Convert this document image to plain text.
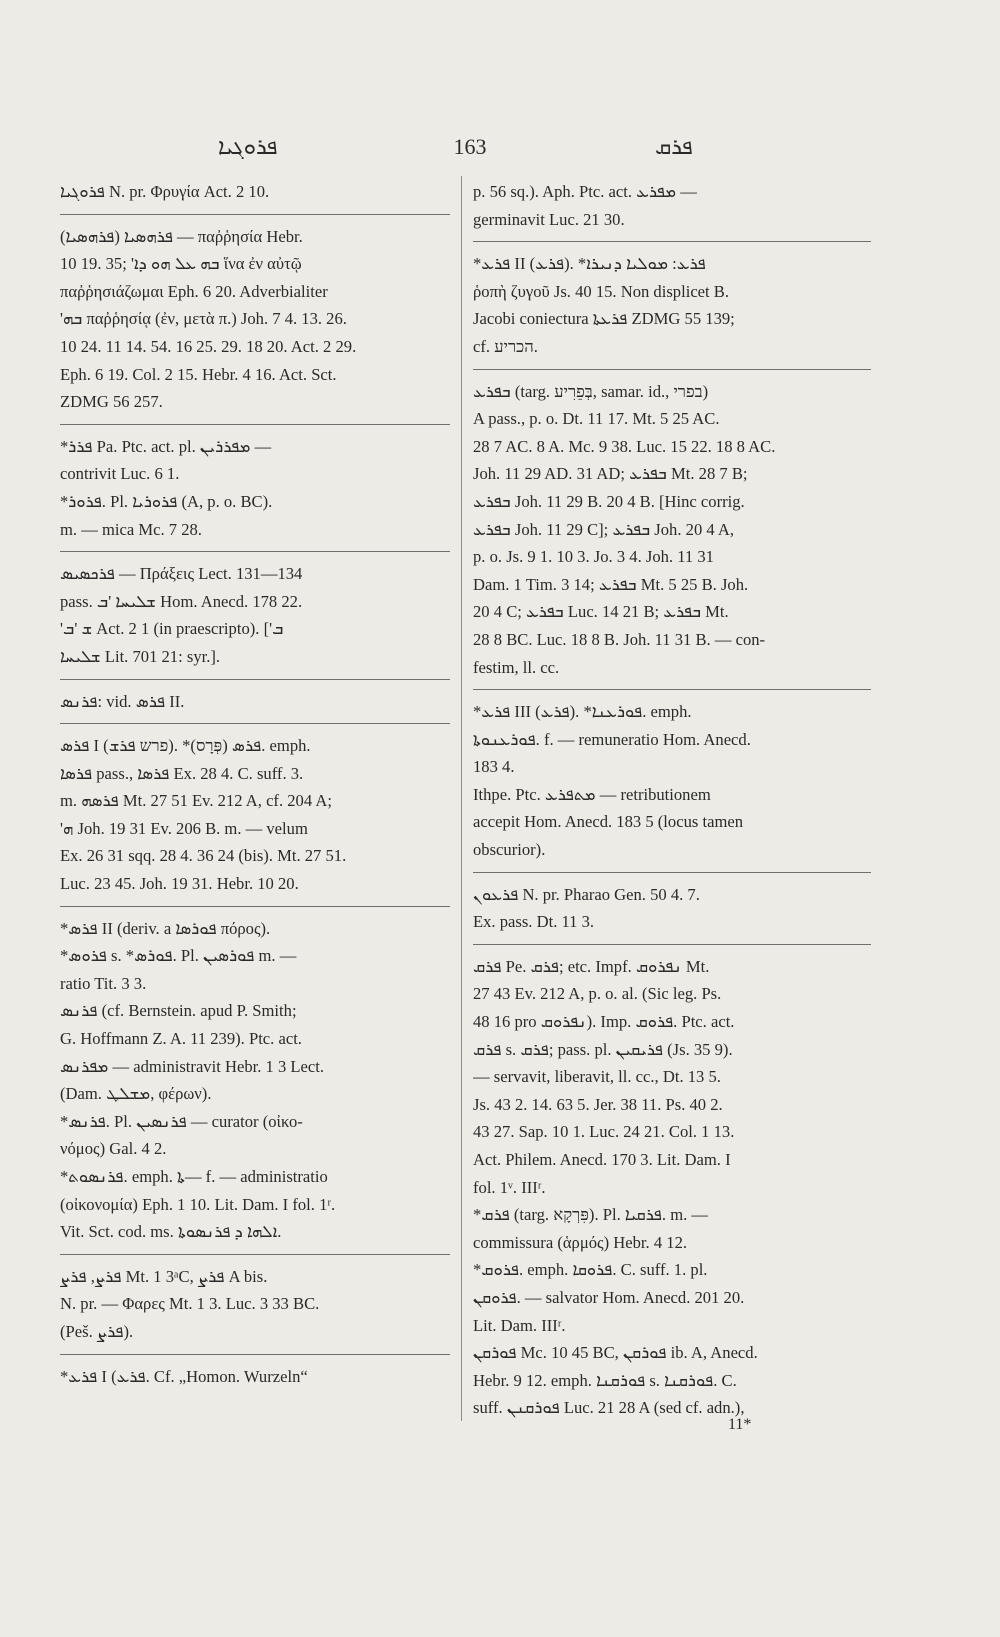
ܦܪܘܓܝܐ	163	ܦܪܩ
ܦܪܘܓܝܐ N. pr. Φρυγία Act. 2 10.
ܦܪܗܣܝܐ (ܦܪܗܣܝܐ) — παῤῥησία Hebr.
10 19. 35; 'ܒܗ ܥܠ ܗܘ ܕܐ ἵνα ἐν αὐτῷ
παῤῥησιάζωμαι Eph. 6 20. Adverbialiter
'ܒܗ παῤῥησίᾳ (ἐν, μετὰ π.) Joh. 7 4. 13. 26.
10 24. 11 14. 54. 16 25. 29. 18 20. Act. 2 29.
Eph. 6 19. Col. 2 15. Hebr. 4 16. Act. Sct.
ZDMG 56 257.
*ܦܪܪ Pa. Ptc. act. pl. ܡܦܪܪܝܢ —
contrivit Luc. 6 1.
*ܦܪܘܪ. Pl. ܦܪܘܪܝܐ (A, p. o. BC).
m. — mica Mc. 7 28.
ܦܪܟܣܝܣ — Πράξεις Lect. 131—134
pass. ܫܠܝܚܐ 'ܒ Hom. Anecd. 178 22.
'ܫ 'ܒ Act. 2 1 (in praescripto). ['ܒ
ܫܠܝܚܐ Lit. 701 21: syr.].
ܦܪܢܣ: vid. ܦܪܣ II.
ܦܪܣ I (פרש ܦܪܫ). *ܦܪܣ (פְּרָס). emph.
ܦܪܣܐ pass., ܦܪܣܐ Ex. 28 4. C. suff. 3.
m. ܦܪܣܗ Mt. 27 51 Ev. 212 A, cf. 204 A;
'ܗ Joh. 19 31 Ev. 206 B. m. — velum
Ex. 26 31 sqq. 28 4. 36 24 (bis). Mt. 27 51.
Luc. 23 45. Joh. 19 31. Hebr. 10 20.
*ܦܪܣ II (deriv. a ܦܘܪܣܐ πόρος).
*ܦܪܘܣ s. *ܦܘܪܣ. Pl. ܦܘܪܣܝܢ m. —
ratio Tit. 3 3.
ܦܪܢܣ (cf. Bernstein. apud P. Smith;
G. Hoffmann Z. A. 11 239). Ptc. act.
ܡܦܪܢܣ — administravit Hebr. 1 3 Lect.
(Dam. ܡܫܠܛ, φέρων).
*ܦܪܢܣ. Pl. ܦܪܢܣܝܢ — curator (οἰκο-
νόμος) Gal. 4 2.
*ܦܪܢܣܘܬ. emph. ܬܐ— f. — administratio
(οἰκονομία) Eph. 1 10. Lit. Dam. I fol. 1ʳ.
Vit. Sct. cod. ms. ܐܠܗܐ ܕ ܦܪܢܣܘܬܐ.
ܦܪܨ, ܦܪܨ Mt. 1 3ᵃC, ܦܪܨ A bis.
N. pr. — Φαρες Mt. 1 3. Luc. 3 33 BC.
(Peš. ܦܪܨ).
*ܦܪܥ I (ܦܪܥ. Cf. „Homon. Wurzeln“
p. 56 sq.). Aph. Ptc. act. ܡܦܪܥ —
germinavit Luc. 21 30.
*ܦܪܥ II (ܦܪܥ). *ܦܪܥ: ܡܘܠܝܐ ܕܢܝܪܐ
ῥοπὴ ζυγοῦ Js. 40 15. Non displicet B.
Jacobi coniectura ܦܪܥܬܐ ZDMG 55 139;
cf. הכריע.
ܒܦܪܥ (targ. בְּפֵרִיע, samar. id., בפרי)
A pass., p. o. Dt. 11 17. Mt. 5 25 AC.
28 7 AC. 8 A. Mc. 9 38. Luc. 15 22. 18 8 AC.
Joh. 11 29 AD. 31 AD; ܒܦܪܥ Mt. 28 7 B;
ܒܦܪܥ Joh. 11 29 B. 20 4 B. [Hinc corrig.
ܒܦܪܥ Joh. 11 29 C]; ܒܦܪܥ Joh. 20 4 A,
p. o. Js. 9 1. 10 3. Jo. 3 4. Joh. 11 31
Dam. 1 Tim. 3 14; ܒܦܪܥ Mt. 5 25 B. Joh.
20 4 C; ܒܦܪܥ Luc. 14 21 B; ܒܦܪܥ Mt.
28 8 BC. Luc. 18 8 B. Joh. 11 31 B. — con-
festim, ll. cc.
*ܦܪܥ III (ܦܪܥ). *ܦܘܪܥܢܐ. emph.
ܦܘܪܥܢܘܬܐ. f. — remuneratio Hom. Anecd.
183 4.
Ithpe. Ptc. ܡܬܦܪܥ — retributionem
accepit Hom. Anecd. 183 5 (locus tamen
obscurior).
ܦܪܥܘܢ N. pr. Pharao Gen. 50 4. 7.
Ex. pass. Dt. 11 3.
ܦܪܩ Pe. ܦܪܩ; etc. Impf. ܢܦܪܘܩ Mt.
27 43 Ev. 212 A, p. o. al. (Sic leg. Ps.
48 16 pro ܢܦܪܘܩ). Imp. ܦܪܘܩ. Ptc. act.
ܦܪܩ s. ܦܪܩ; pass. pl. ܦܪܝܩܝܢ (Js. 35 9).
— servavit, liberavit, ll. cc., Dt. 13 5.
Js. 43 2. 14. 63 5. Jer. 38 11. Ps. 40 2.
43 27. Sap. 10 1. Luc. 24 21. Col. 1 13.
Act. Philem. Anecd. 170 3. Lit. Dam. I
fol. 1ᵛ. IIIʳ.
*ܦܪܩ (targ. פִּרְקָא). Pl. ܦܪܩܝܐ. m. —
commissura (ἁρμός) Hebr. 4 12.
*ܦܪܘܩ. emph. ܦܪܘܩܐ. C. suff. 1. pl.
ܦܪܘܩܢ. — salvator Hom. Anecd. 201 20.
Lit. Dam. IIIʳ.
ܦܘܪܩܢ Mc. 10 45 BC, ܦܘܪܩܢ ib. A, Anecd.
Hebr. 9 12. emph. ܦܘܪܩܢܐ s. ܦܘܪܩܢܐ. C.
suff. ܦܘܪܩܢܢ Luc. 21 28 A (sed cf. adn.),
11*
